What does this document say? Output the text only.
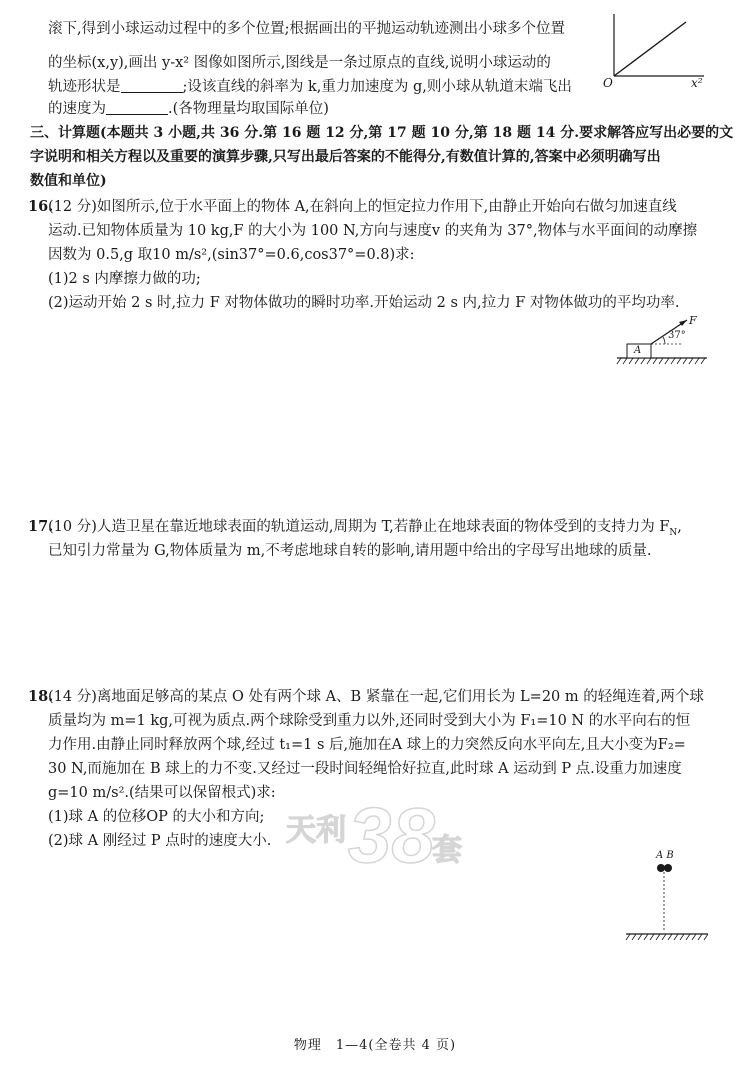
滚下,得到小球运动过程中的多个位置;根据画出的平抛运动轨迹测出小球多个位置
的坐标(x,y),画出 y-x² 图像如图所示,图线是一条过原点的直线,说明小球运动的
轨迹形状是	;设该直线的斜率为 k,重力加速度为 g,则小球从轨道末端飞出
的速度为	.(各物理量均取国际单位)
O	x²
三、计算题(本题共 3 小题,共 36 分.第 16 题 12 分,第 17 题 10 分,第 18 题 14 分.要求解答应写出必要的文
字说明和相关方程以及重要的演算步骤,只写出最后答案的不能得分,有数值计算的,答案中必须明确写出
数值和单位)
16.
(12 分)如图所示,位于水平面上的物体 A,在斜向上的恒定拉力作用下,由静止开始向右做匀加速直线
运动.已知物体质量为 10 kg,F 的大小为 100 N,方向与速度v 的夹角为 37°,物体与水平面间的动摩擦
因数为 0.5,g 取10 m/s²,(sin37°=0.6,cos37°=0.8)求:
(1)2 s 内摩擦力做的功;
(2)运动开始 2 s 时,拉力 F 对物体做功的瞬时功率.开始运动 2 s 内,拉力 F 对物体做功的平均功率.
A
F
37°
17.
(10 分)人造卫星在靠近地球表面的轨道运动,周期为 T,若静止在地球表面的物体受到的支持力为 $F_N$,
已知引力常量为 G,物体质量为 m,不考虑地球自转的影响,请用题中给出的字母写出地球的质量.
18.
(14 分)离地面足够高的某点 O 处有两个球 A、B 紧靠在一起,它们用长为 L=20 m 的轻绳连着,两个球
质量均为 m=1 kg,可视为质点.两个球除受到重力以外,还同时受到大小为 F₁=10 N 的水平向右的恒
力作用.由静止同时释放两个球,经过 t₁=1 s 后,施加在A 球上的力突然反向水平向左,且大小变为F₂=
30 N,而施加在 B 球上的力不变.又经过一段时间轻绳恰好拉直,此时球 A 运动到 P 点.设重力加速度
g=10 m/s².(结果可以保留根式)求:
(1)球 A 的位移OP 的大小和方向;
(2)球 A 刚经过 P 点时的速度大小. 天利 38
套	A B
物理　1—4(全卷共 4 页)
